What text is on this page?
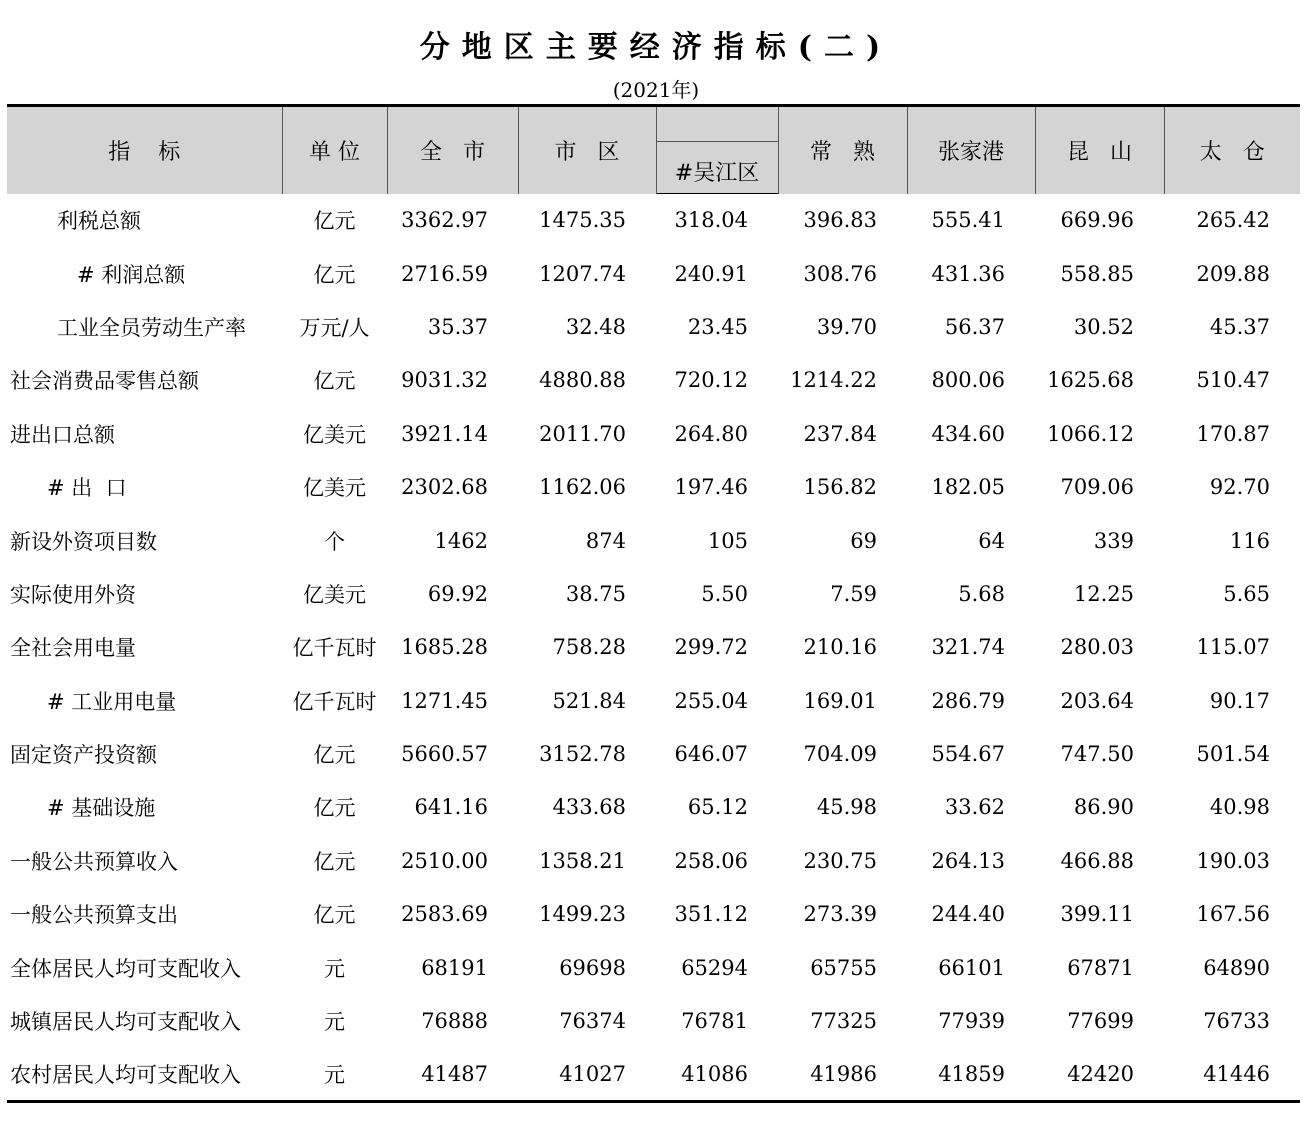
分地区主要经济指标(二)
(2021年)
指    标	单 位	全   市	市   区		常   熟	张家港	昆   山	太   仓
				#吴江区				
利税总额	亿元	3362.97	1475.35	318.04	396.83	555.41	669.96	265.42
# 利润总额	亿元	2716.59	1207.74	240.91	308.76	431.36	558.85	209.88
工业全员劳动生产率	万元/人	35.37	32.48	23.45	39.70	56.37	30.52	45.37
社会消费品零售总额	亿元	9031.32	4880.88	720.12	1214.22	800.06	1625.68	510.47
进出口总额	亿美元	3921.14	2011.70	264.80	237.84	434.60	1066.12	170.87
# 出  口	亿美元	2302.68	1162.06	197.46	156.82	182.05	709.06	92.70
新设外资项目数	个	1462	874	105	69	64	339	116
实际使用外资	亿美元	69.92	38.75	5.50	7.59	5.68	12.25	5.65
全社会用电量	亿千瓦时	1685.28	758.28	299.72	210.16	321.74	280.03	115.07
# 工业用电量	亿千瓦时	1271.45	521.84	255.04	169.01	286.79	203.64	90.17
固定资产投资额	亿元	5660.57	3152.78	646.07	704.09	554.67	747.50	501.54
# 基础设施	亿元	641.16	433.68	65.12	45.98	33.62	86.90	40.98
一般公共预算收入	亿元	2510.00	1358.21	258.06	230.75	264.13	466.88	190.03
一般公共预算支出	亿元	2583.69	1499.23	351.12	273.39	244.40	399.11	167.56
全体居民人均可支配收入	元	68191	69698	65294	65755	66101	67871	64890
城镇居民人均可支配收入	元	76888	76374	76781	77325	77939	77699	76733
农村居民人均可支配收入	元	41487	41027	41086	41986	41859	42420	41446
